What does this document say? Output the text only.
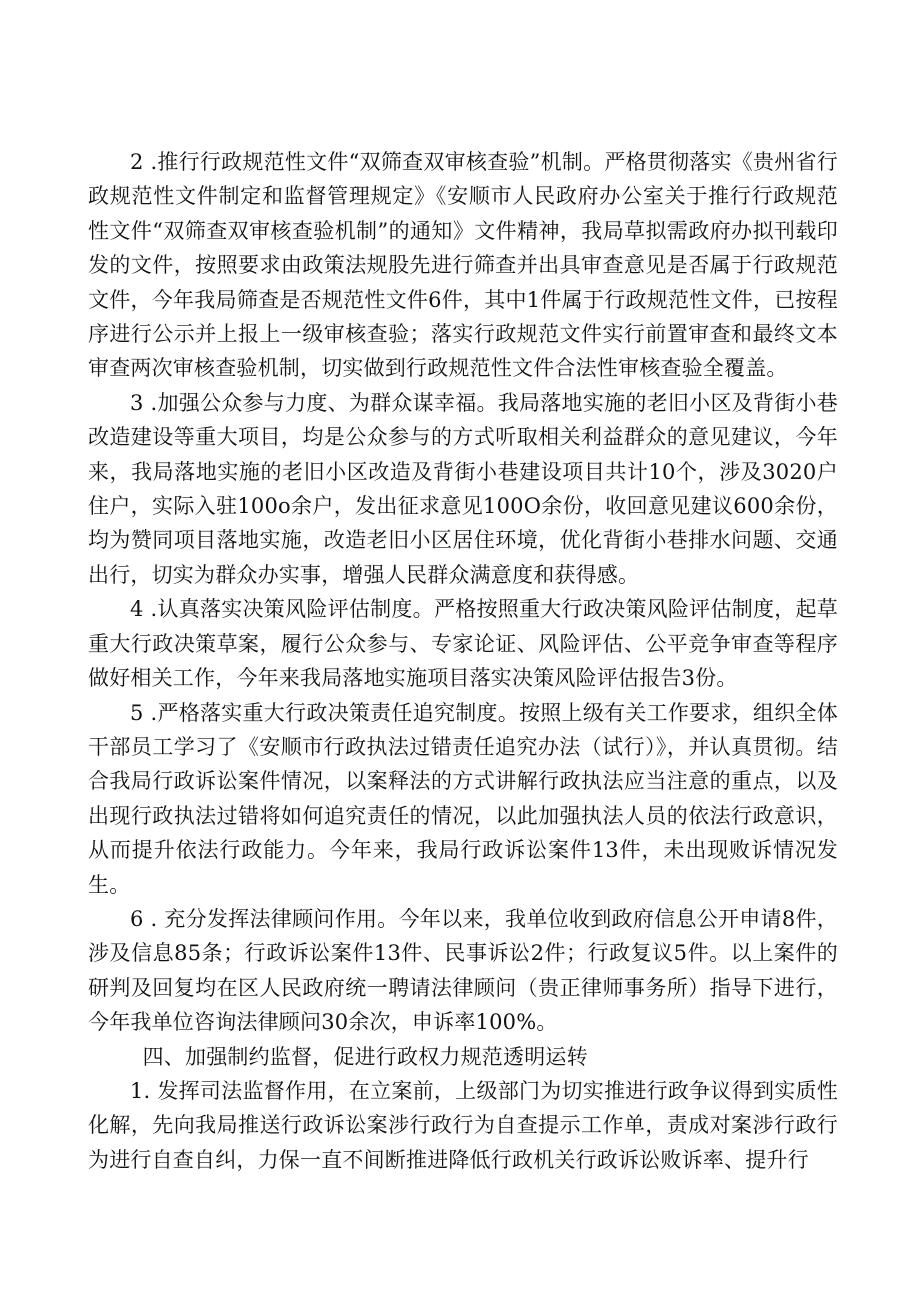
2 .推行行政规范性文件“双筛查双审核查验”机制。严格贯彻落实《贵州省行政规范性文件制定和监督管理规定》《安顺市人民政府办公室关于推行行政规范性文件“双筛查双审核查验机制”的通知》文件精神，我局草拟需政府办拟刊载印发的文件，按照要求由政策法规股先进行筛查并出具审查意见是否属于行政规范文件，今年我局筛查是否规范性文件6件，其中1件属于行政规范性文件，已按程序进行公示并上报上一级审核查验；落实行政规范文件实行前置审查和最终文本审查两次审核查验机制，切实做到行政规范性文件合法性审核查验全覆盖。

3 .加强公众参与力度、为群众谋幸福。我局落地实施的老旧小区及背街小巷改造建设等重大项目，均是公众参与的方式听取相关利益群众的意见建议，今年来，我局落地实施的老旧小区改造及背街小巷建设项目共计10个，涉及3020户住户，实际入驻100o余户，发出征求意见100O余份，收回意见建议600余份，均为赞同项目落地实施，改造老旧小区居住环境，优化背街小巷排水问题、交通出行，切实为群众办实事，增强人民群众满意度和获得感。

4 .认真落实决策风险评估制度。严格按照重大行政决策风险评估制度，起草重大行政决策草案，履行公众参与、专家论证、风险评估、公平竞争审查等程序做好相关工作，今年来我局落地实施项目落实决策风险评估报告3份。

5 .严格落实重大行政决策责任追究制度。按照上级有关工作要求，组织全体干部员工学习了《安顺市行政执法过错责任追究办法（试行）》，并认真贯彻。结合我局行政诉讼案件情况，以案释法的方式讲解行政执法应当注意的重点，以及出现行政执法过错将如何追究责任的情况，以此加强执法人员的依法行政意识，从而提升依法行政能力。今年来，我局行政诉讼案件13件，未出现败诉情况发生。

6 . 充分发挥法律顾问作用。今年以来，我单位收到政府信息公开申请8件，涉及信息85条；行政诉讼案件13件、民事诉讼2件；行政复议5件。以上案件的研判及回复均在区人民政府统一聘请法律顾问（贵正律师事务所）指导下进行，今年我单位咨询法律顾问30余次，申诉率100%。

四、加强制约监督，促进行政权力规范透明运转

1. 发挥司法监督作用，在立案前，上级部门为切实推进行政争议得到实质性化解，先向我局推送行政诉讼案涉行政行为自查提示工作单，责成对案涉行政行为进行自查自纠，力保一直不间断推进降低行政机关行政诉讼败诉率、提升行
